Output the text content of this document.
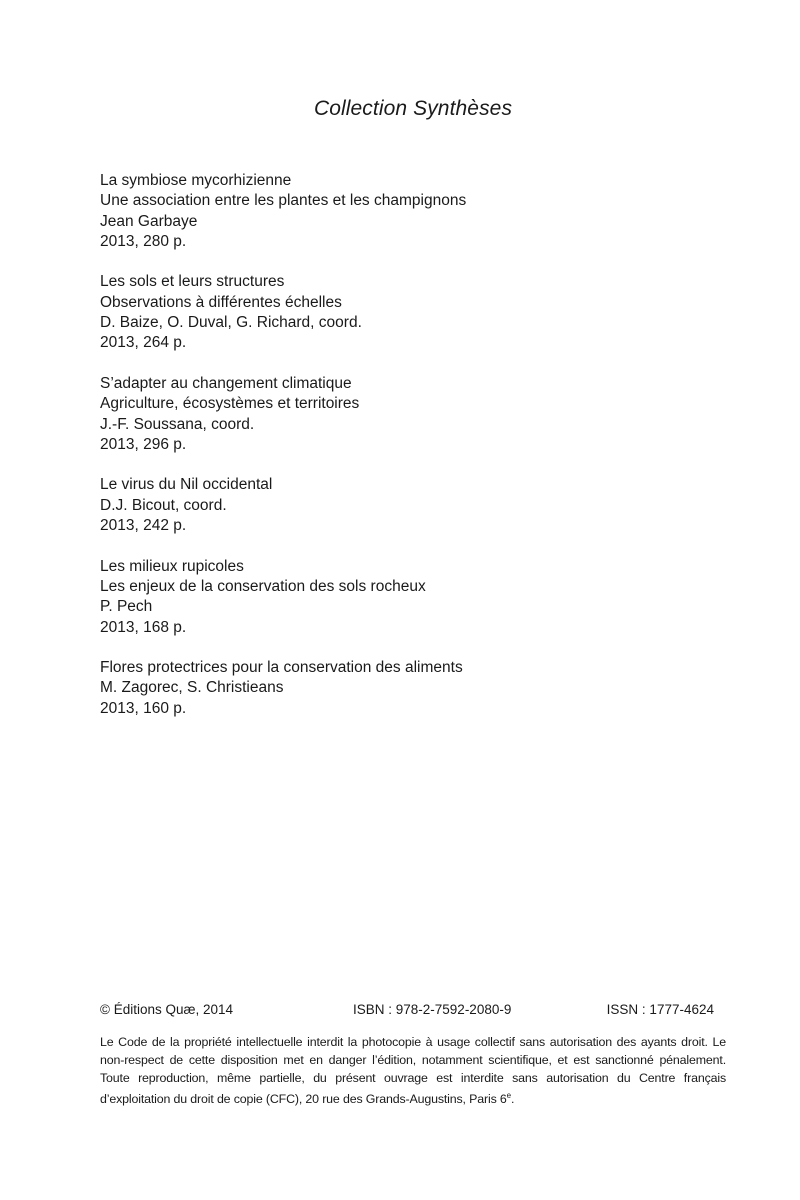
Collection Synthèses
La symbiose mycorhizienne
Une association entre les plantes et les champignons
Jean Garbaye
2013, 280 p.
Les sols et leurs structures
Observations à différentes échelles
D. Baize, O. Duval, G. Richard, coord.
2013, 264 p.
S’adapter au changement climatique
Agriculture, écosystèmes et territoires
J.-F. Soussana, coord.
2013, 296 p.
Le virus du Nil occidental
D.J. Bicout, coord.
2013, 242 p.
Les milieux rupicoles
Les enjeux de la conservation des sols rocheux
P. Pech
2013, 168 p.
Flores protectrices pour la conservation des aliments
M. Zagorec, S. Christieans
2013, 160 p.
© Éditions Quæ, 2014	ISBN : 978-2-7592-2080-9	ISSN : 1777-4624
Le Code de la propriété intellectuelle interdit la photocopie à usage collectif sans autorisation des ayants droit. Le non-respect de cette disposition met en danger l’édition, notamment scientifique, et est sanctionné pénalement. Toute reproduction, même partielle, du présent ouvrage est interdite sans autorisation du Centre français d’exploitation du droit de copie (CFC), 20 rue des Grands-Augustins, Paris 6e.
